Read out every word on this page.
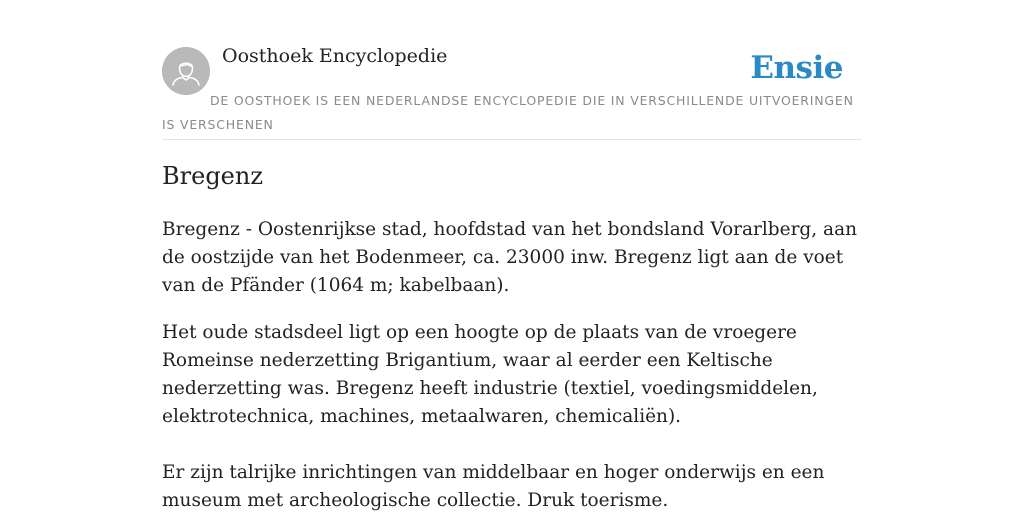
Oosthoek Encyclopedie	Ensie
DE OOSTHOEK IS EEN NEDERLANDSE ENCYCLOPEDIE DIE IN VERSCHILLENDE UITVOERINGEN IS VERSCHENEN
Bregenz

Bregenz - Oostenrijkse stad, hoofdstad van het bondsland Vorarlberg, aan de oostzijde van het Bodenmeer, ca. 23000 inw. Bregenz ligt aan de voet van de Pfänder (1064 m; kabelbaan).

Het oude stadsdeel ligt op een hoogte op de plaats van de vroegere Romeinse nederzetting Brigantium, waar al eerder een Keltische nederzetting was. Bregenz heeft industrie (textiel, voedingsmiddelen, elektrotechnica, machines, metaalwaren, chemicaliën).

Er zijn talrijke inrichtingen van middelbaar en hoger onderwijs en een museum met archeologische collectie. Druk toerisme.
